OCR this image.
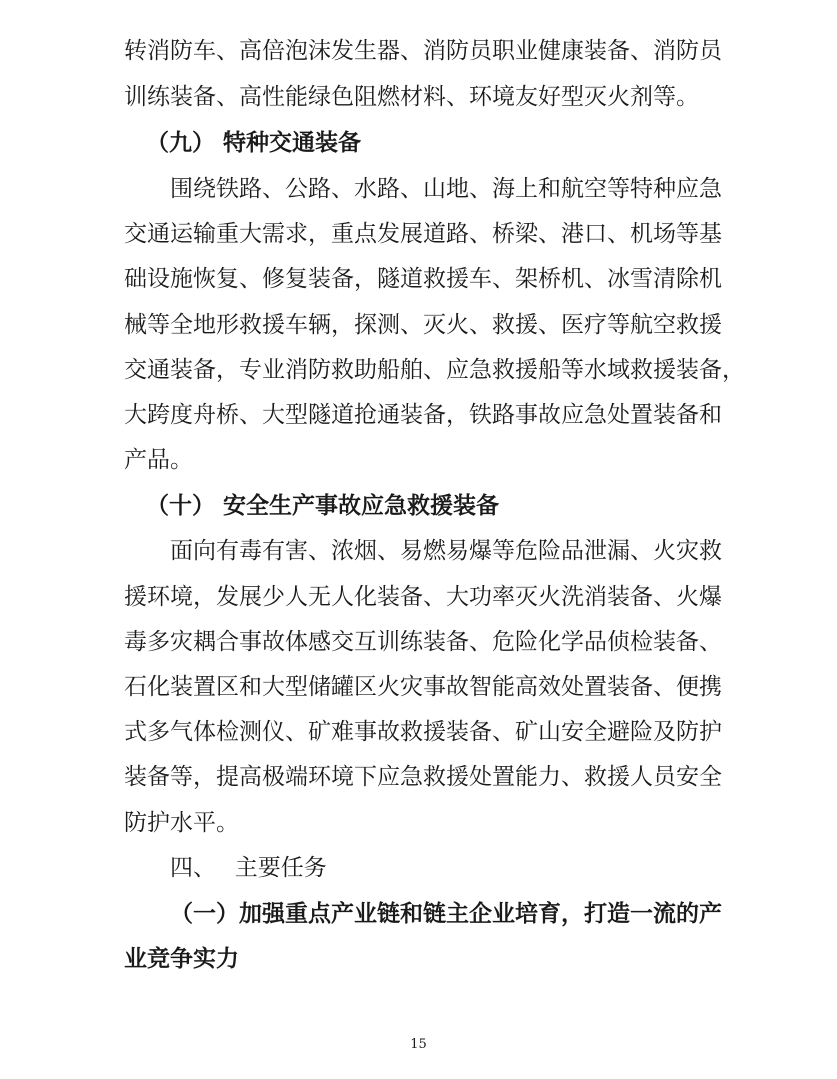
转消防车、高倍泡沫发生器、消防员职业健康装备、消防员
训练装备、高性能绿色阻燃材料、环境友好型灭火剂等。
（九） 特种交通装备
围绕铁路、公路、水路、山地、海上和航空等特种应急
交通运输重大需求，重点发展道路、桥梁、港口、机场等基
础设施恢复、修复装备，隧道救援车、架桥机、冰雪清除机
械等全地形救援车辆，探测、灭火、救援、医疗等航空救援
交通装备，专业消防救助船舶、应急救援船等水域救援装备，
大跨度舟桥、大型隧道抢通装备，铁路事故应急处置装备和
产品。
（十） 安全生产事故应急救援装备
面向有毒有害、浓烟、易燃易爆等危险品泄漏、火灾救
援环境，发展少人无人化装备、大功率灭火洗消装备、火爆
毒多灾耦合事故体感交互训练装备、危险化学品侦检装备、
石化装置区和大型储罐区火灾事故智能高效处置装备、便携
式多气体检测仪、矿难事故救援装备、矿山安全避险及防护
装备等，提高极端环境下应急救援处置能力、救援人员安全
防护水平。
四、　 主要任务
（一）加强重点产业链和链主企业培育，打造一流的产
业竞争实力
15
